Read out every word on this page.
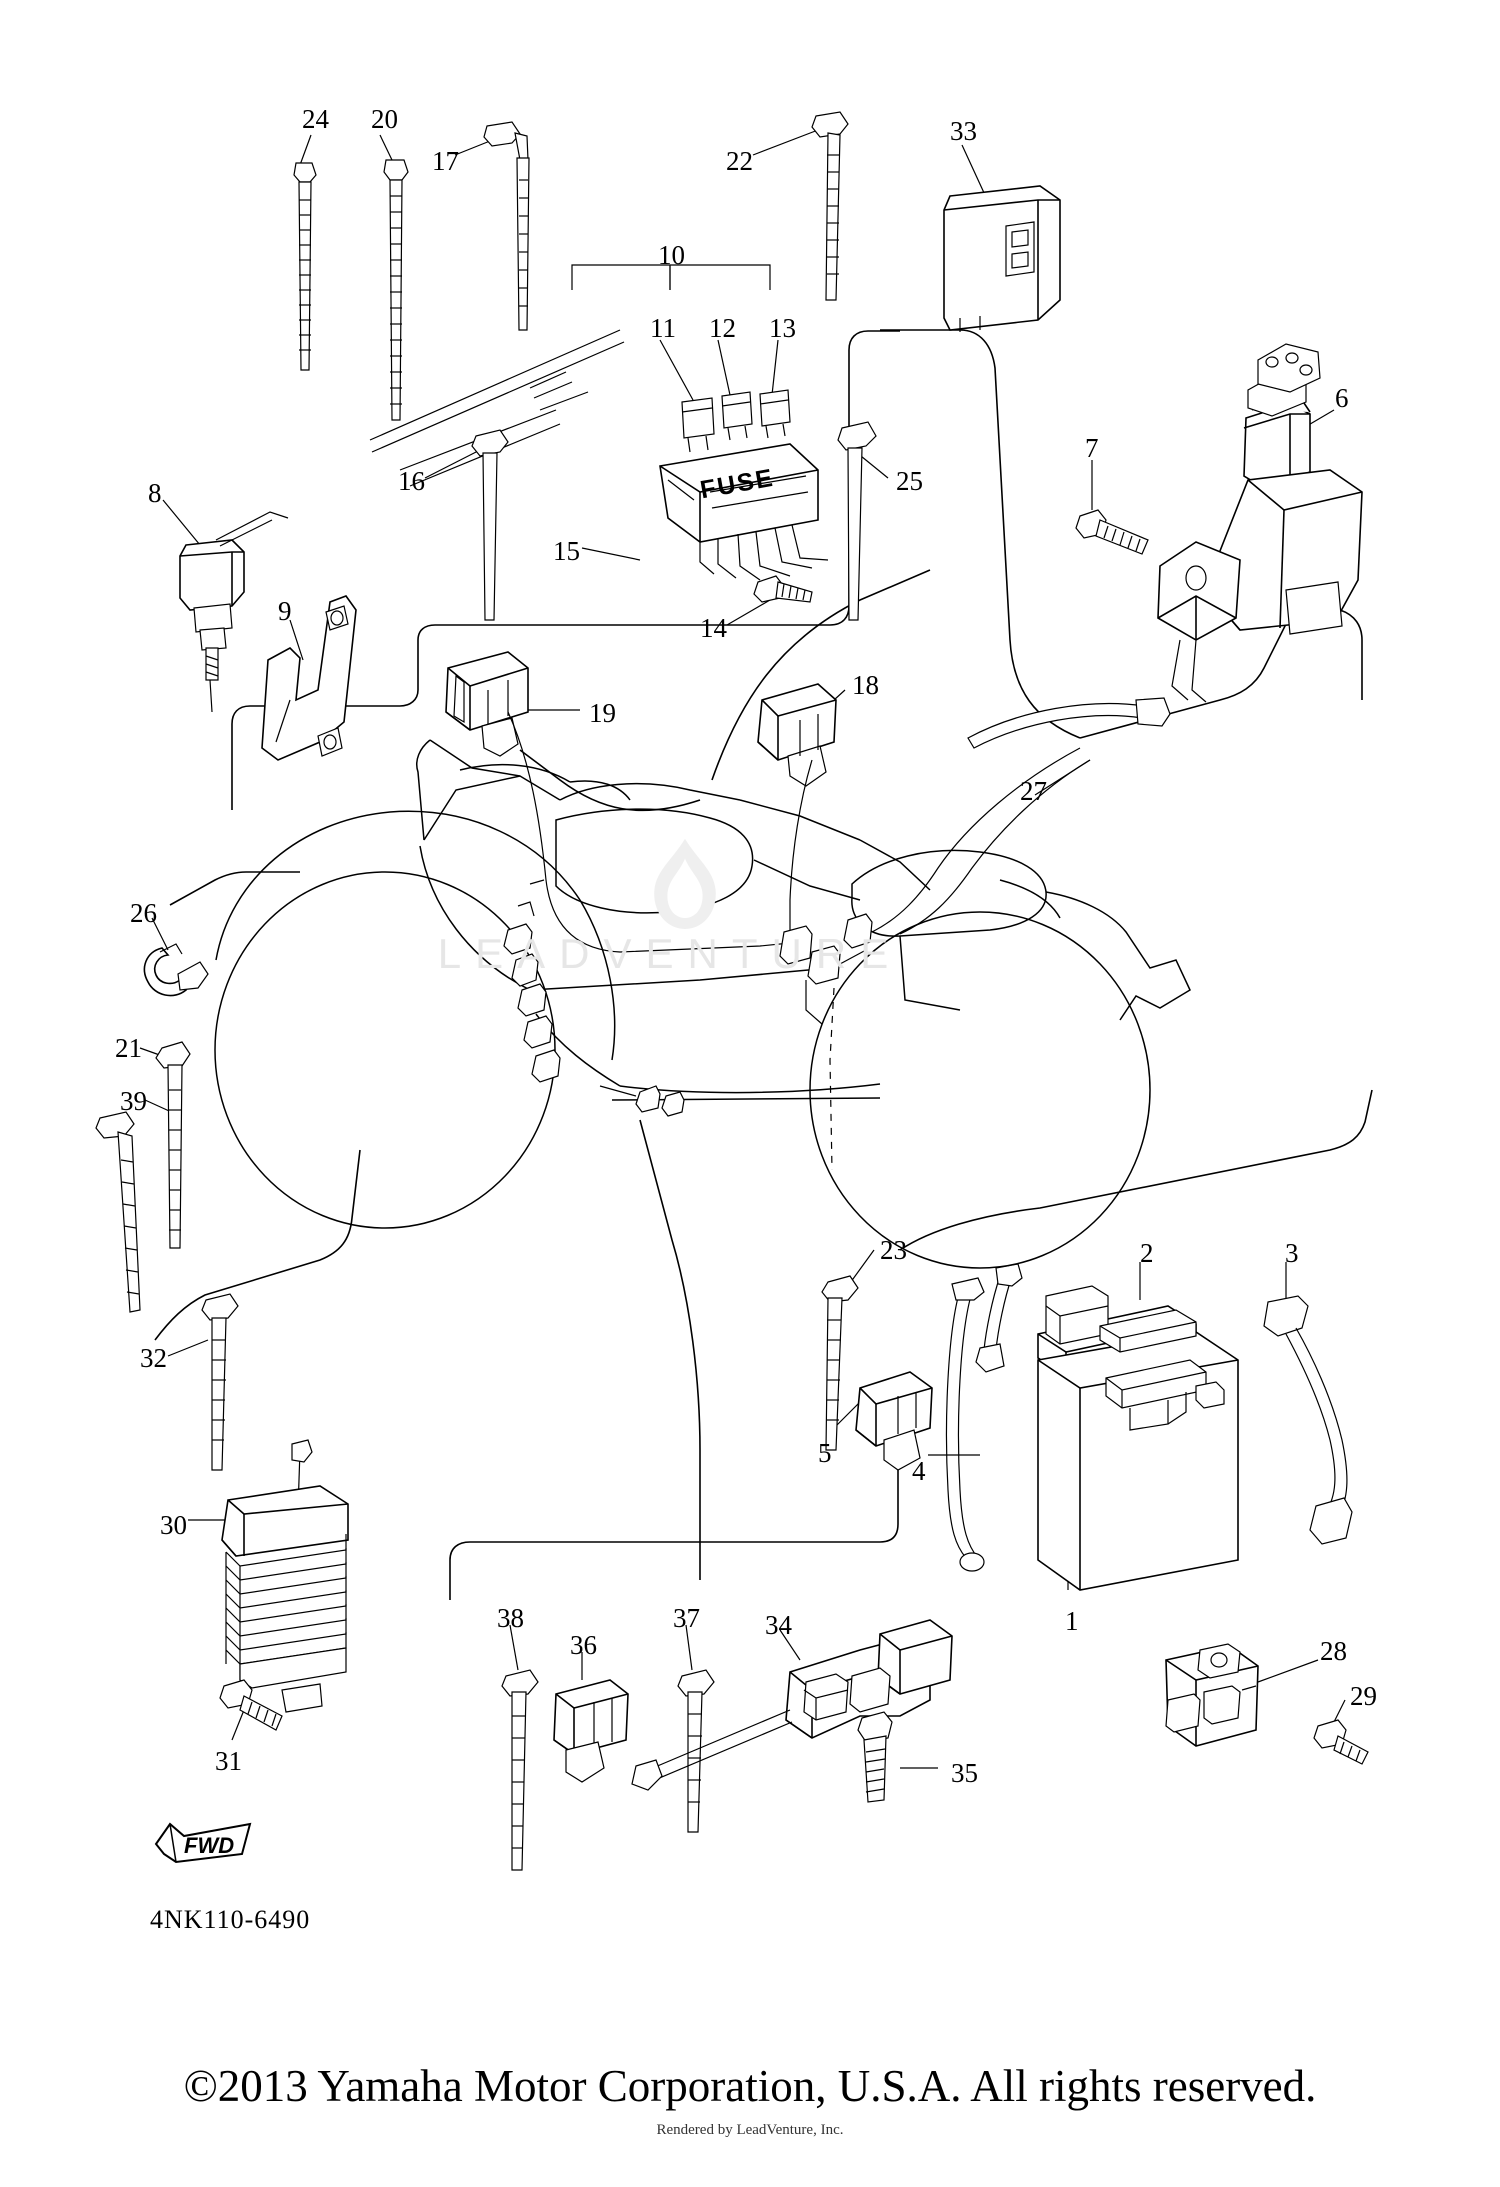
LEADVENTURE
FUSE
24 20
17	22
33
10
11 12 13
6
7
16	25
8
15
14
9
19
18
27
26
21
39
23	2	3
32
5
4
30
1
38
36
37 34
28
29
31	35
FWD
4NK110-6490
©2013 Yamaha Motor Corporation, U.S.A. All rights reserved.
Rendered by LeadVenture, Inc.
